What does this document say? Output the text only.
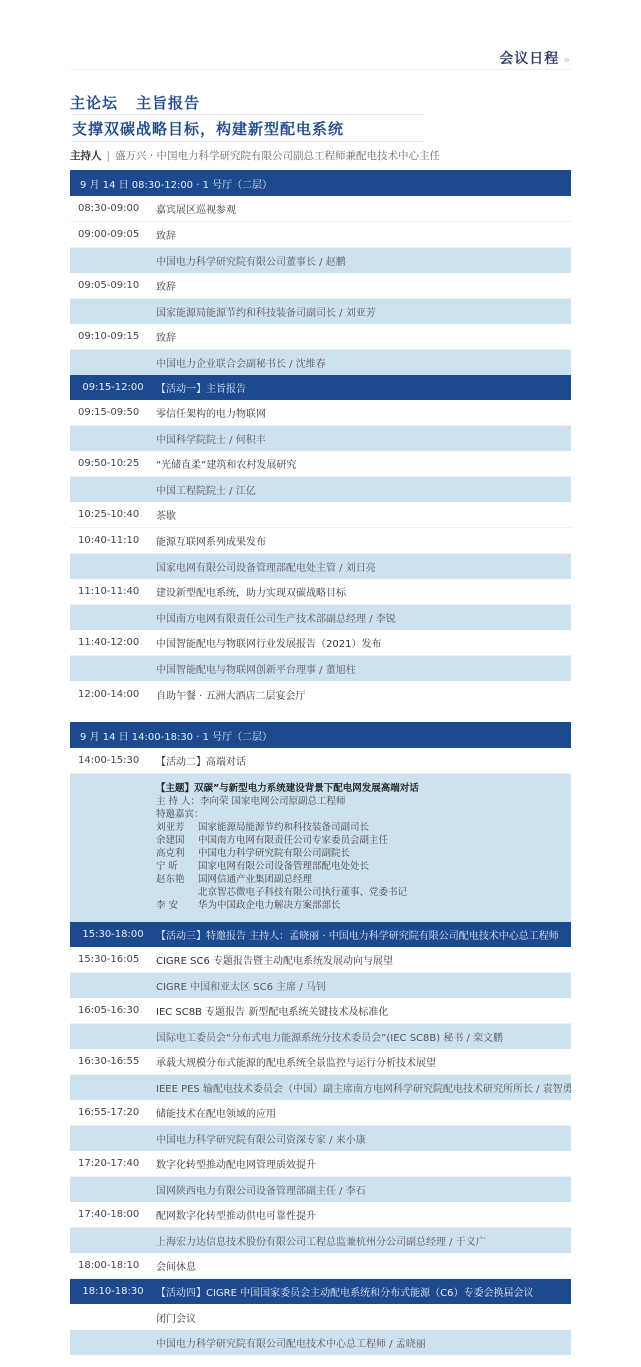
会议日程 »
主论坛 主旨报告
支撑双碳战略目标，构建新型配电系统
主持人 | 盛万兴 · 中国电力科学研究院有限公司副总工程师兼配电技术中心主任
9 月 14 日 08:30-12:00 · 1 号厅（二层）
08:30-09:00	嘉宾展区巡视参观
09:00-09:05	致辞
中国电力科学研究院有限公司董事长 / 赵鹏
09:05-09:10	致辞
国家能源局能源节约和科技装备司副司长 / 刘亚芳
09:10-09:15	致辞
中国电力企业联合会副秘书长 / 沈维春
09:15-12:00	【活动一】主旨报告
09:15-09:50	零信任架构的电力物联网
中国科学院院士 / 何积丰
09:50-10:25	“光储直柔”建筑和农村发展研究
中国工程院院士 / 江亿
10:25-10:40	茶歇
10:40-11:10	能源互联网系列成果发布
国家电网有限公司设备管理部配电处主管 / 刘日亮
11:10-11:40	建设新型配电系统，助力实现双碳战略目标
中国南方电网有限责任公司生产技术部副总经理 / 李锐
11:40-12:00	中国智能配电与物联网行业发展报告（2021）发布
中国智能配电与物联网创新平台理事 / 董旭柱
12:00-14:00	自助午餐 · 五洲大酒店二层宴会厅
9 月 14 日 14:00-18:30 · 1 号厅（二层）
14:00-15:30	【活动二】高端对话
【主题】双碳”与新型电力系统建设背景下配电网发展高端对话
主 持 人：李向荣 国家电网公司原副总工程师
特邀嘉宾：
刘亚芳	国家能源局能源节约和科技装备司副司长
余建国	中国南方电网有限责任公司专家委员会副主任
高克利	中国电力科学研究院有限公司副院长
宁 昕	国家电网有限公司设备管理部配电处处长
赵东艳	国网信通产业集团副总经理
北京智芯微电子科技有限公司执行董事、党委书记
李 安	华为中国政企电力解决方案部部长
15:30-18:00	【活动三】特邀报告 主持人：孟晓丽 · 中国电力科学研究院有限公司配电技术中心总工程师
15:30-16:05	CIGRE SC6 专题报告暨主动配电系统发展动向与展望
CIGRE 中国和亚太区 SC6 主席 / 马钊
16:05-16:30	IEC SC8B 专题报告 新型配电系统关键技术及标准化
国际电工委员会“分布式电力能源系统分技术委员会”(IEC SC8B) 秘书 / 栾文鹏
16:30-16:55	承载大规模分布式能源的配电系统全景监控与运行分析技术展望
IEEE PES 输配电技术委员会（中国）副主席南方电网科学研究院配电技术研究所所长 / 袁智勇
16:55-17:20	储能技术在配电领域的应用
中国电力科学研究院有限公司资深专家 / 来小康
17:20-17:40	数字化转型推动配电网管理质效提升
国网陕西电力有限公司设备管理部副主任 / 李石
17:40-18:00	配网数字化转型推动供电可靠性提升
上海宏力达信息技术股份有限公司工程总监兼杭州分公司副总经理 / 于义广
18:00-18:10	会间休息
18:10-18:30	【活动四】CIGRE 中国国家委员会主动配电系统和分布式能源（C6）专委会换届会议
闭门会议
中国电力科学研究院有限公司配电技术中心总工程师 / 孟晓丽
